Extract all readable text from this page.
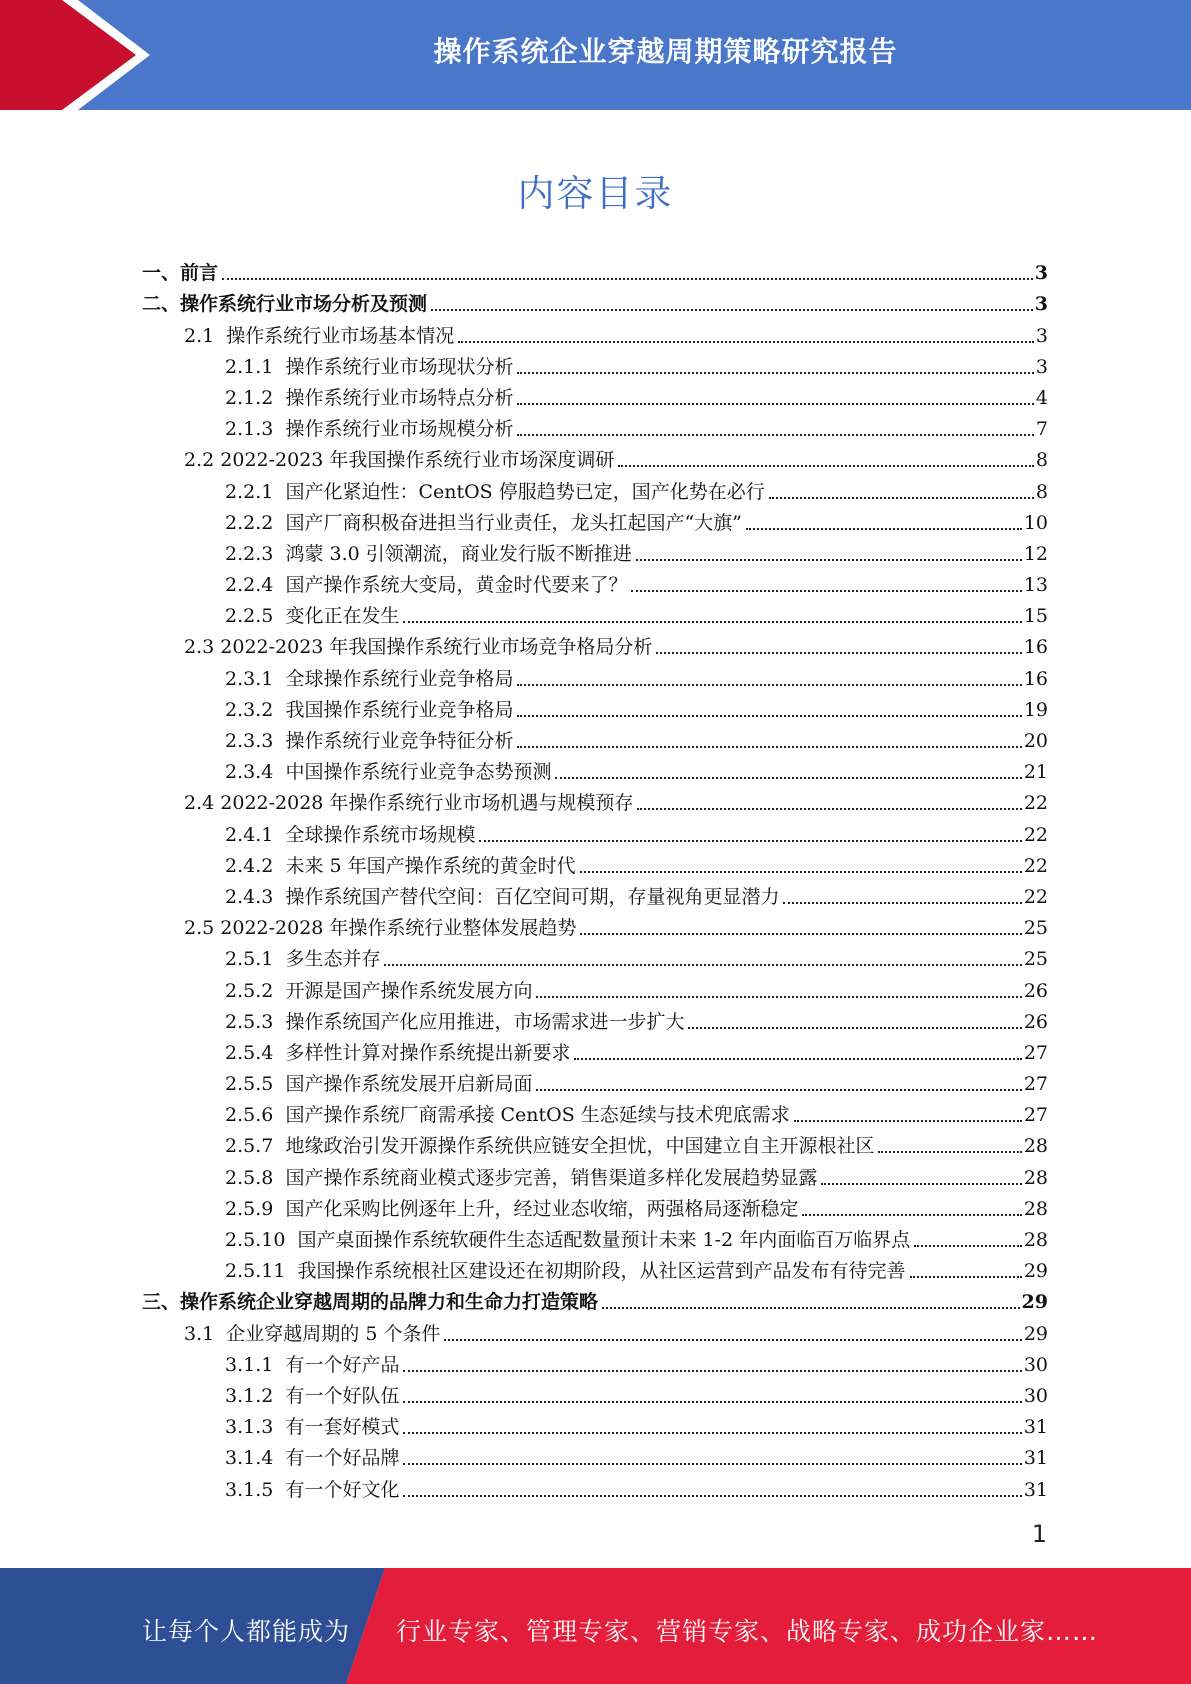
操作系统企业穿越周期策略研究报告
内容目录
一、 前言	3
二、 操作系统行业市场分析及预测	3
2.1 操作系统行业市场基本情况	3
2.1.1 操作系统行业市场现状分析	3
2.1.2 操作系统行业市场特点分析	4
2.1.3 操作系统行业市场规模分析	7
2.2 2022-2023 年我国操作系统行业市场深度调研	8
2.2.1 国产化紧迫性：CentOS 停服趋势已定，国产化势在必行	8
2.2.2 国产厂商积极奋进担当行业责任，龙头扛起国产“大旗”	10
2.2.3 鸿蒙 3.0 引领潮流，商业发行版不断推进	12
2.2.4 国产操作系统大变局，黄金时代要来了？	13
2.2.5 变化正在发生	15
2.3 2022-2023 年我国操作系统行业市场竞争格局分析	16
2.3.1 全球操作系统行业竞争格局	16
2.3.2 我国操作系统行业竞争格局	19
2.3.3 操作系统行业竞争特征分析	20
2.3.4 中国操作系统行业竞争态势预测	21
2.4 2022-2028 年操作系统行业市场机遇与规模预存	22
2.4.1 全球操作系统市场规模	22
2.4.2 未来 5 年国产操作系统的黄金时代	22
2.4.3 操作系统国产替代空间：百亿空间可期，存量视角更显潜力	22
2.5 2022-2028 年操作系统行业整体发展趋势	25
2.5.1 多生态并存	25
2.5.2 开源是国产操作系统发展方向	26
2.5.3 操作系统国产化应用推进，市场需求进一步扩大	26
2.5.4 多样性计算对操作系统提出新要求	27
2.5.5 国产操作系统发展开启新局面	27
2.5.6 国产操作系统厂商需承接 CentOS 生态延续与技术兜底需求	27
2.5.7 地缘政治引发开源操作系统供应链安全担忧，中国建立自主开源根社区	28
2.5.8 国产操作系统商业模式逐步完善，销售渠道多样化发展趋势显露	28
2.5.9 国产化采购比例逐年上升，经过业态收缩，两强格局逐渐稳定	28
2.5.10 国产桌面操作系统软硬件生态适配数量预计未来 1-2 年内面临百万临界点	28
2.5.11 我国操作系统根社区建设还在初期阶段，从社区运营到产品发布有待完善	29
三、 操作系统企业穿越周期的品牌力和生命力打造策略	29
3.1 企业穿越周期的 5 个条件	29
3.1.1 有一个好产品	30
3.1.2 有一个好队伍	30
3.1.3 有一套好模式	31
3.1.4 有一个好品牌	31
3.1.5 有一个好文化	31
1
让每个人都能成为 行业专家、管理专家、营销专家、战略专家、成功企业家……
